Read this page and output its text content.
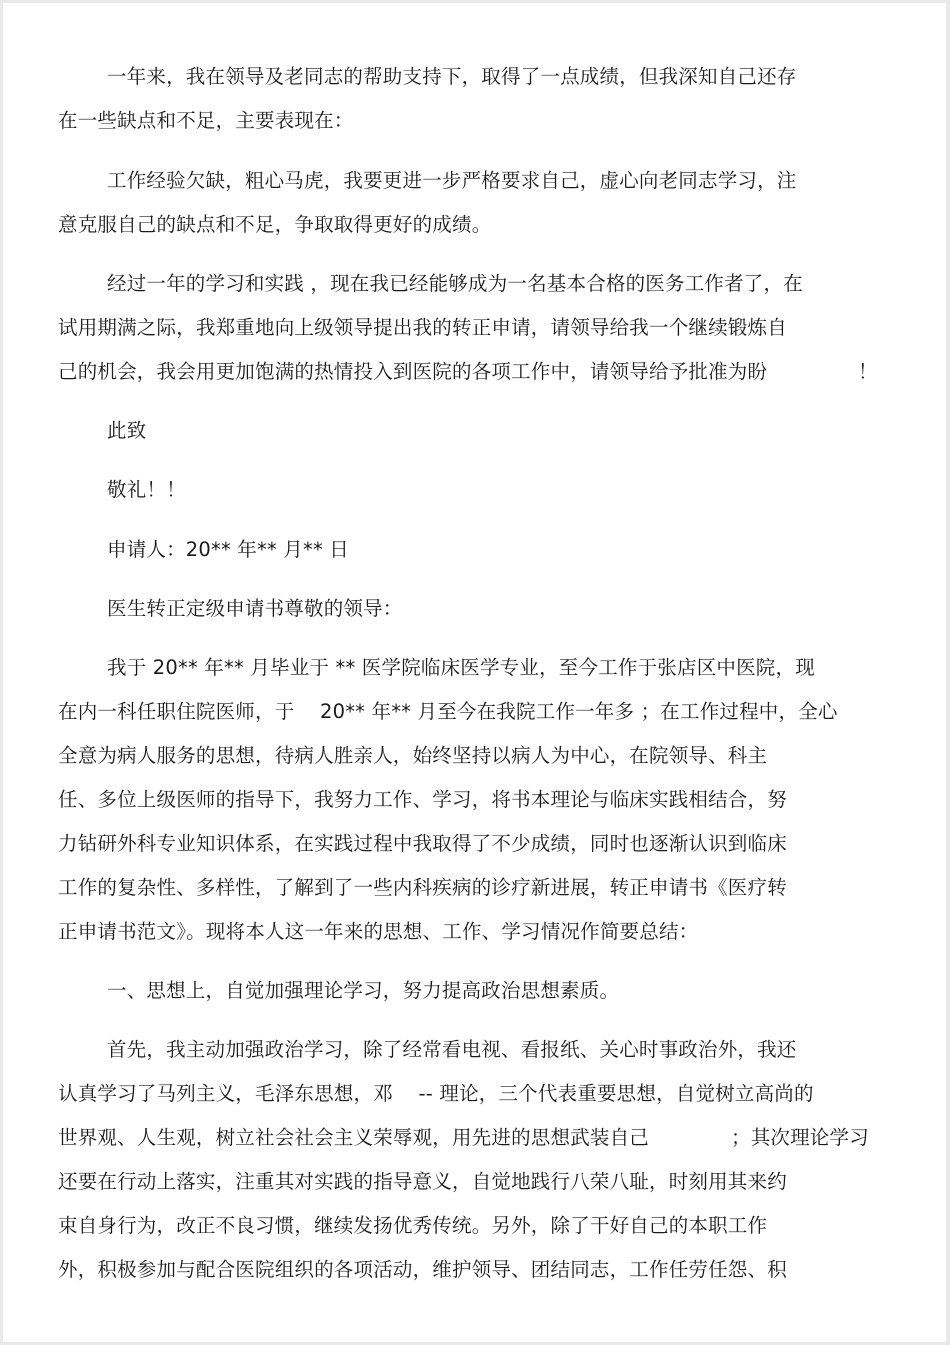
一年来，我在领导及老同志的帮助支持下，取得了一点成绩，但我深知自己还存
在一些缺点和不足，主要表现在：
工作经验欠缺，粗心马虎，我要更进一步严格要求自己，虚心向老同志学习，注
意克服自己的缺点和不足，争取取得更好的成绩。
经过一年的学习和实践 ，现在我已经能够成为一名基本合格的医务工作者了，在
试用期满之际，我郑重地向上级领导提出我的转正申请，请领导给我一个继续锻炼自
己的机会，我会用更加饱满的热情投入到医院的各项工作中，请领导给予批准为盼	！
此致
敬礼！！
申请人：20** 年** 月** 日
医生转正定级申请书尊敬的领导：
我于 20** 年** 月毕业于 ** 医学院临床医学专业，至今工作于张店区中医院，现
在内一科任职住院医师，于    20** 年** 月至今在我院工作一年多 ；在工作过程中，全心
全意为病人服务的思想，待病人胜亲人，始终坚持以病人为中心，在院领导、科主
任、多位上级医师的指导下，我努力工作、学习，将书本理论与临床实践相结合，努
力钻研外科专业知识体系，在实践过程中我取得了不少成绩，同时也逐渐认识到临床
工作的复杂性、多样性，了解到了一些内科疾病的诊疗新进展，转正申请书《医疗转
正申请书范文》。现将本人这一年来的思想、工作、学习情况作简要总结：
一、思想上，自觉加强理论学习，努力提高政治思想素质。
首先，我主动加强政治学习，除了经常看电视、看报纸、关心时事政治外，我还
认真学习了马列主义，毛泽东思想，邓    -- 理论，三个代表重要思想，自觉树立高尚的
世界观、人生观，树立社会社会主义荣辱观，用先进的思想武装自己	；其次理论学习
还要在行动上落实，注重其对实践的指导意义，自觉地践行八荣八耻，时刻用其来约
束自身行为，改正不良习惯，继续发扬优秀传统。另外，除了干好自己的本职工作
外，积极参加与配合医院组织的各项活动，维护领导、团结同志，工作任劳任怨、积
